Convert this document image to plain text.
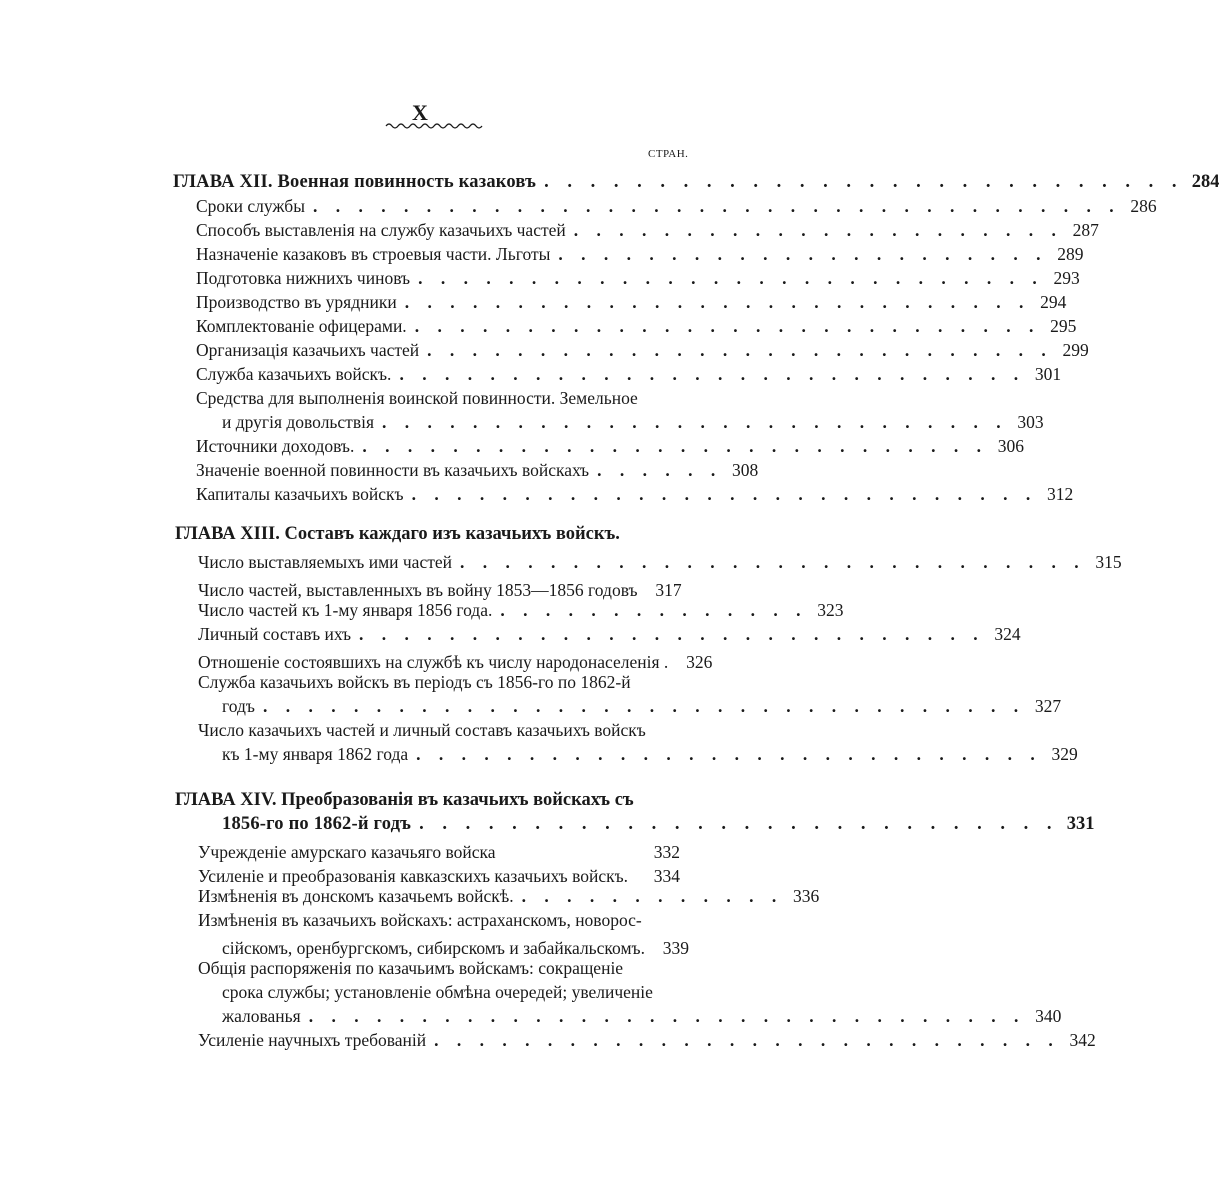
X
СТРАН.
ГЛАВА XII. Военная повинность казаковъ . . . . . . . . . . . . . . . . . . . . . . . . . . . . 284
Сроки службы . . . . . . . . . . . . . . . . . . . . . . . . . . . . . . . . . . . . 286
Способъ выставленія на службу казачьихъ частей . . . . . . . . . . . . . . . . . . . . . . 287
Назначеніе казаковъ въ строевыя части. Льготы . . . . . . . . . . . . . . . . . . . . . . 289
Подготовка нижнихъ чиновъ . . . . . . . . . . . . . . . . . . . . . . . . . . . . 293
Производство въ урядники . . . . . . . . . . . . . . . . . . . . . . . . . . . . 294
Комплектованіе офицерами. . . . . . . . . . . . . . . . . . . . . . . . . . . . . 295
Организація казачьихъ частей . . . . . . . . . . . . . . . . . . . . . . . . . . . . 299
Служба казачьихъ войскъ. . . . . . . . . . . . . . . . . . . . . . . . . . . . . 301
Средства для выполненія воинской повинности. Земельное
и другія довольствія . . . . . . . . . . . . . . . . . . . . . . . . . . . . 303
Источники доходовъ. . . . . . . . . . . . . . . . . . . . . . . . . . . . . 306
Значеніе военной повинности въ казачьихъ войскахъ . . . . . . 308
Капиталы казачьихъ войскъ . . . . . . . . . . . . . . . . . . . . . . . . . . . . 312
ГЛАВА XIII. Составъ каждаго изъ казачьихъ войскъ.
Число выставляемыхъ ими частей . . . . . . . . . . . . . . . . . . . . . . . . . . . . 315
Число частей, выставленныхъ въ войну 1853—1856 годовъ	317
Число частей къ 1-му января 1856 года. . . . . . . . . . . . . . . 323
Личный составъ ихъ . . . . . . . . . . . . . . . . . . . . . . . . . . . . 324
Отношеніе состоявшихъ на службѣ къ числу народонаселенія .	326
Служба казачьихъ войскъ въ періодъ съ 1856-го по 1862-й
годъ . . . . . . . . . . . . . . . . . . . . . . . . . . . . . . . . . . 327
Число казачьихъ частей и личный составъ казачьихъ войскъ
къ 1-му января 1862 года . . . . . . . . . . . . . . . . . . . . . . . . . . . . 329
ГЛАВА XIV. Преобразованія въ казачьихъ войскахъ съ
1856-го по 1862-й годъ . . . . . . . . . . . . . . . . . . . . . . . . . . . . 331
Учрежденіе амурскаго казачьяго войска	332
Усиленіе и преобразованія кавказскихъ казачьихъ войскъ.	334
Измѣненія въ донскомъ казачьемъ войскѣ. . . . . . . . . . . . . 336
Измѣненія въ казачьихъ войскахъ: астраханскомъ, новорос-
сійскомъ, оренбургскомъ, сибирскомъ и забайкальскомъ.	339
Общія распоряженія по казачьимъ войскамъ: сокращеніе
срока службы; установленіе обмѣна очередей; увеличеніе
жалованья . . . . . . . . . . . . . . . . . . . . . . . . . . . . . . . . 340
Усиленіе научныхъ требованій . . . . . . . . . . . . . . . . . . . . . . . . . . . . 342
